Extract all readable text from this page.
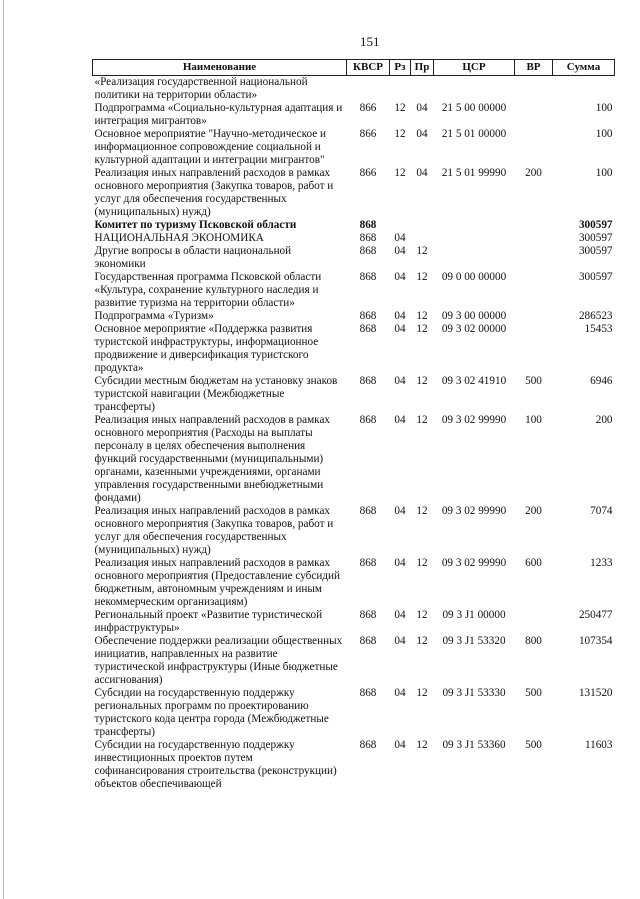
151
Наименование	КВСР	Рз	Пр	ЦСР	ВР	Сумма
«Реализация государственной национальной политики на территории области»						
Подпрограмма «Социально-культурная адаптация и интеграция мигрантов»	866	12	04	21 5 00 00000		100
Основное мероприятие "Научно-методическое и информационное сопровождение социальной и культурной адаптации и интеграции мигрантов"	866	12	04	21 5 01 00000		100
Реализация иных направлений расходов в рамках основного мероприятия (Закупка товаров, работ и услуг для обеспечения государственных (муниципальных) нужд)	866	12	04	21 5 01 99990	200	100
Комитет по туризму Псковской области	868					300597
НАЦИОНАЛЬНАЯ ЭКОНОМИКА	868	04				300597
Другие вопросы в области национальной экономики	868	04	12			300597
Государственная программа Псковской области «Культура, сохранение культурного наследия и развитие туризма на территории области»	868	04	12	09 0 00 00000		300597
Подпрограмма «Туризм»	868	04	12	09 3 00 00000		286523
Основное мероприятие «Поддержка развития туристской инфраструктуры, информационное продвижение и диверсификация туристского продукта»	868	04	12	09 3 02 00000		15453
Субсидии местным бюджетам на установку знаков туристской навигации (Межбюджетные трансферты)	868	04	12	09 3 02 41910	500	6946
Реализация иных направлений расходов в рамках основного мероприятия (Расходы на выплаты персоналу в целях обеспечения выполнения функций государственными (муниципальными) органами, казенными учреждениями, органами управления государственными внебюджетными фондами)	868	04	12	09 3 02 99990	100	200
Реализация иных направлений расходов в рамках основного мероприятия (Закупка товаров, работ и услуг для обеспечения государственных (муниципальных) нужд)	868	04	12	09 3 02 99990	200	7074
Реализация иных направлений расходов в рамках основного мероприятия (Предоставление субсидий бюджетным, автономным учреждениям и иным некоммерческим организациям)	868	04	12	09 3 02 99990	600	1233
Региональный проект «Развитие туристической инфраструктуры»	868	04	12	09 3 J1 00000		250477
Обеспечение поддержки реализации общественных инициатив, направленных на развитие туристической инфраструктуры (Иные бюджетные ассигнования)	868	04	12	09 3 J1 53320	800	107354
Субсидии на государственную поддержку региональных программ по проектированию туристского кода центра города (Межбюджетные трансферты)	868	04	12	09 3 J1 53330	500	131520
Субсидии на государственную поддержку инвестиционных проектов путем софинансирования строительства (реконструкции) объектов обеспечивающей	868	04	12	09 3 J1 53360	500	11603
